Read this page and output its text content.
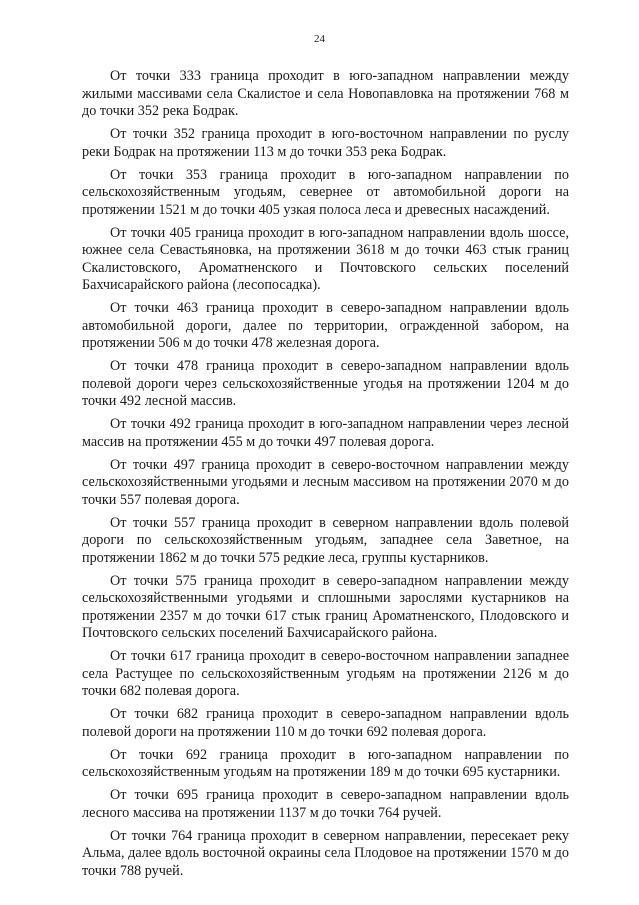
24

От точки 333 граница проходит в юго-западном направлении между жилыми массивами села Скалистое и села Новопавловка на протяжении 768 м до точки 352 река Бодрак.

От точки 352 граница проходит в юго-восточном направлении по руслу реки Бодрак на протяжении 113 м до точки 353 река Бодрак.

От точки 353 граница проходит в юго-западном направлении по сельскохозяйственным угодьям, севернее от автомобильной дороги на протяжении 1521 м до точки 405 узкая полоса леса и древесных насаждений.

От точки 405 граница проходит в юго-западном направлении вдоль шоссе, южнее села Севастьяновка, на протяжении 3618 м до точки 463 стык границ Скалистовского, Ароматненского и Почтовского сельских поселений Бахчисарайского района (лесопосадка).

От точки 463 граница проходит в северо-западном направлении вдоль автомобильной дороги, далее по территории, огражденной забором, на протяжении 506 м до точки 478 железная дорога.

От точки 478 граница проходит в северо-западном направлении вдоль полевой дороги через сельскохозяйственные угодья на протяжении 1204 м до точки 492 лесной массив.

От точки 492 граница проходит в юго-западном направлении через лесной массив на протяжении 455 м до точки 497 полевая дорога.

От точки 497 граница проходит в северо-восточном направлении между сельскохозяйственными угодьями и лесным массивом на протяжении 2070 м до точки 557 полевая дорога.

От точки 557 граница проходит в северном направлении вдоль полевой дороги по сельскохозяйственным угодьям, западнее села Заветное, на протяжении 1862 м до точки 575 редкие леса, группы кустарников.

От точки 575 граница проходит в северо-западном направлении между сельскохозяйственными угодьями и сплошными зарослями кустарников на протяжении 2357 м до точки 617 стык границ Ароматненского, Плодовского и Почтовского сельских поселений Бахчисарайского района.

От точки 617 граница проходит в северо-восточном направлении западнее села Растущее по сельскохозяйственным угодьям на протяжении 2126 м до точки 682 полевая дорога.

От точки 682 граница проходит в северо-западном направлении вдоль полевой дороги на протяжении 110 м до точки 692 полевая дорога.

От точки 692 граница проходит в юго-западном направлении по сельскохозяйственным угодьям на протяжении 189 м до точки 695 кустарники.

От точки 695 граница проходит в северо-западном направлении вдоль лесного массива на протяжении 1137 м до точки 764 ручей.

От точки 764 граница проходит в северном направлении, пересекает реку Альма, далее вдоль восточной окраины села Плодовое на протяжении 1570 м до точки 788 ручей.
